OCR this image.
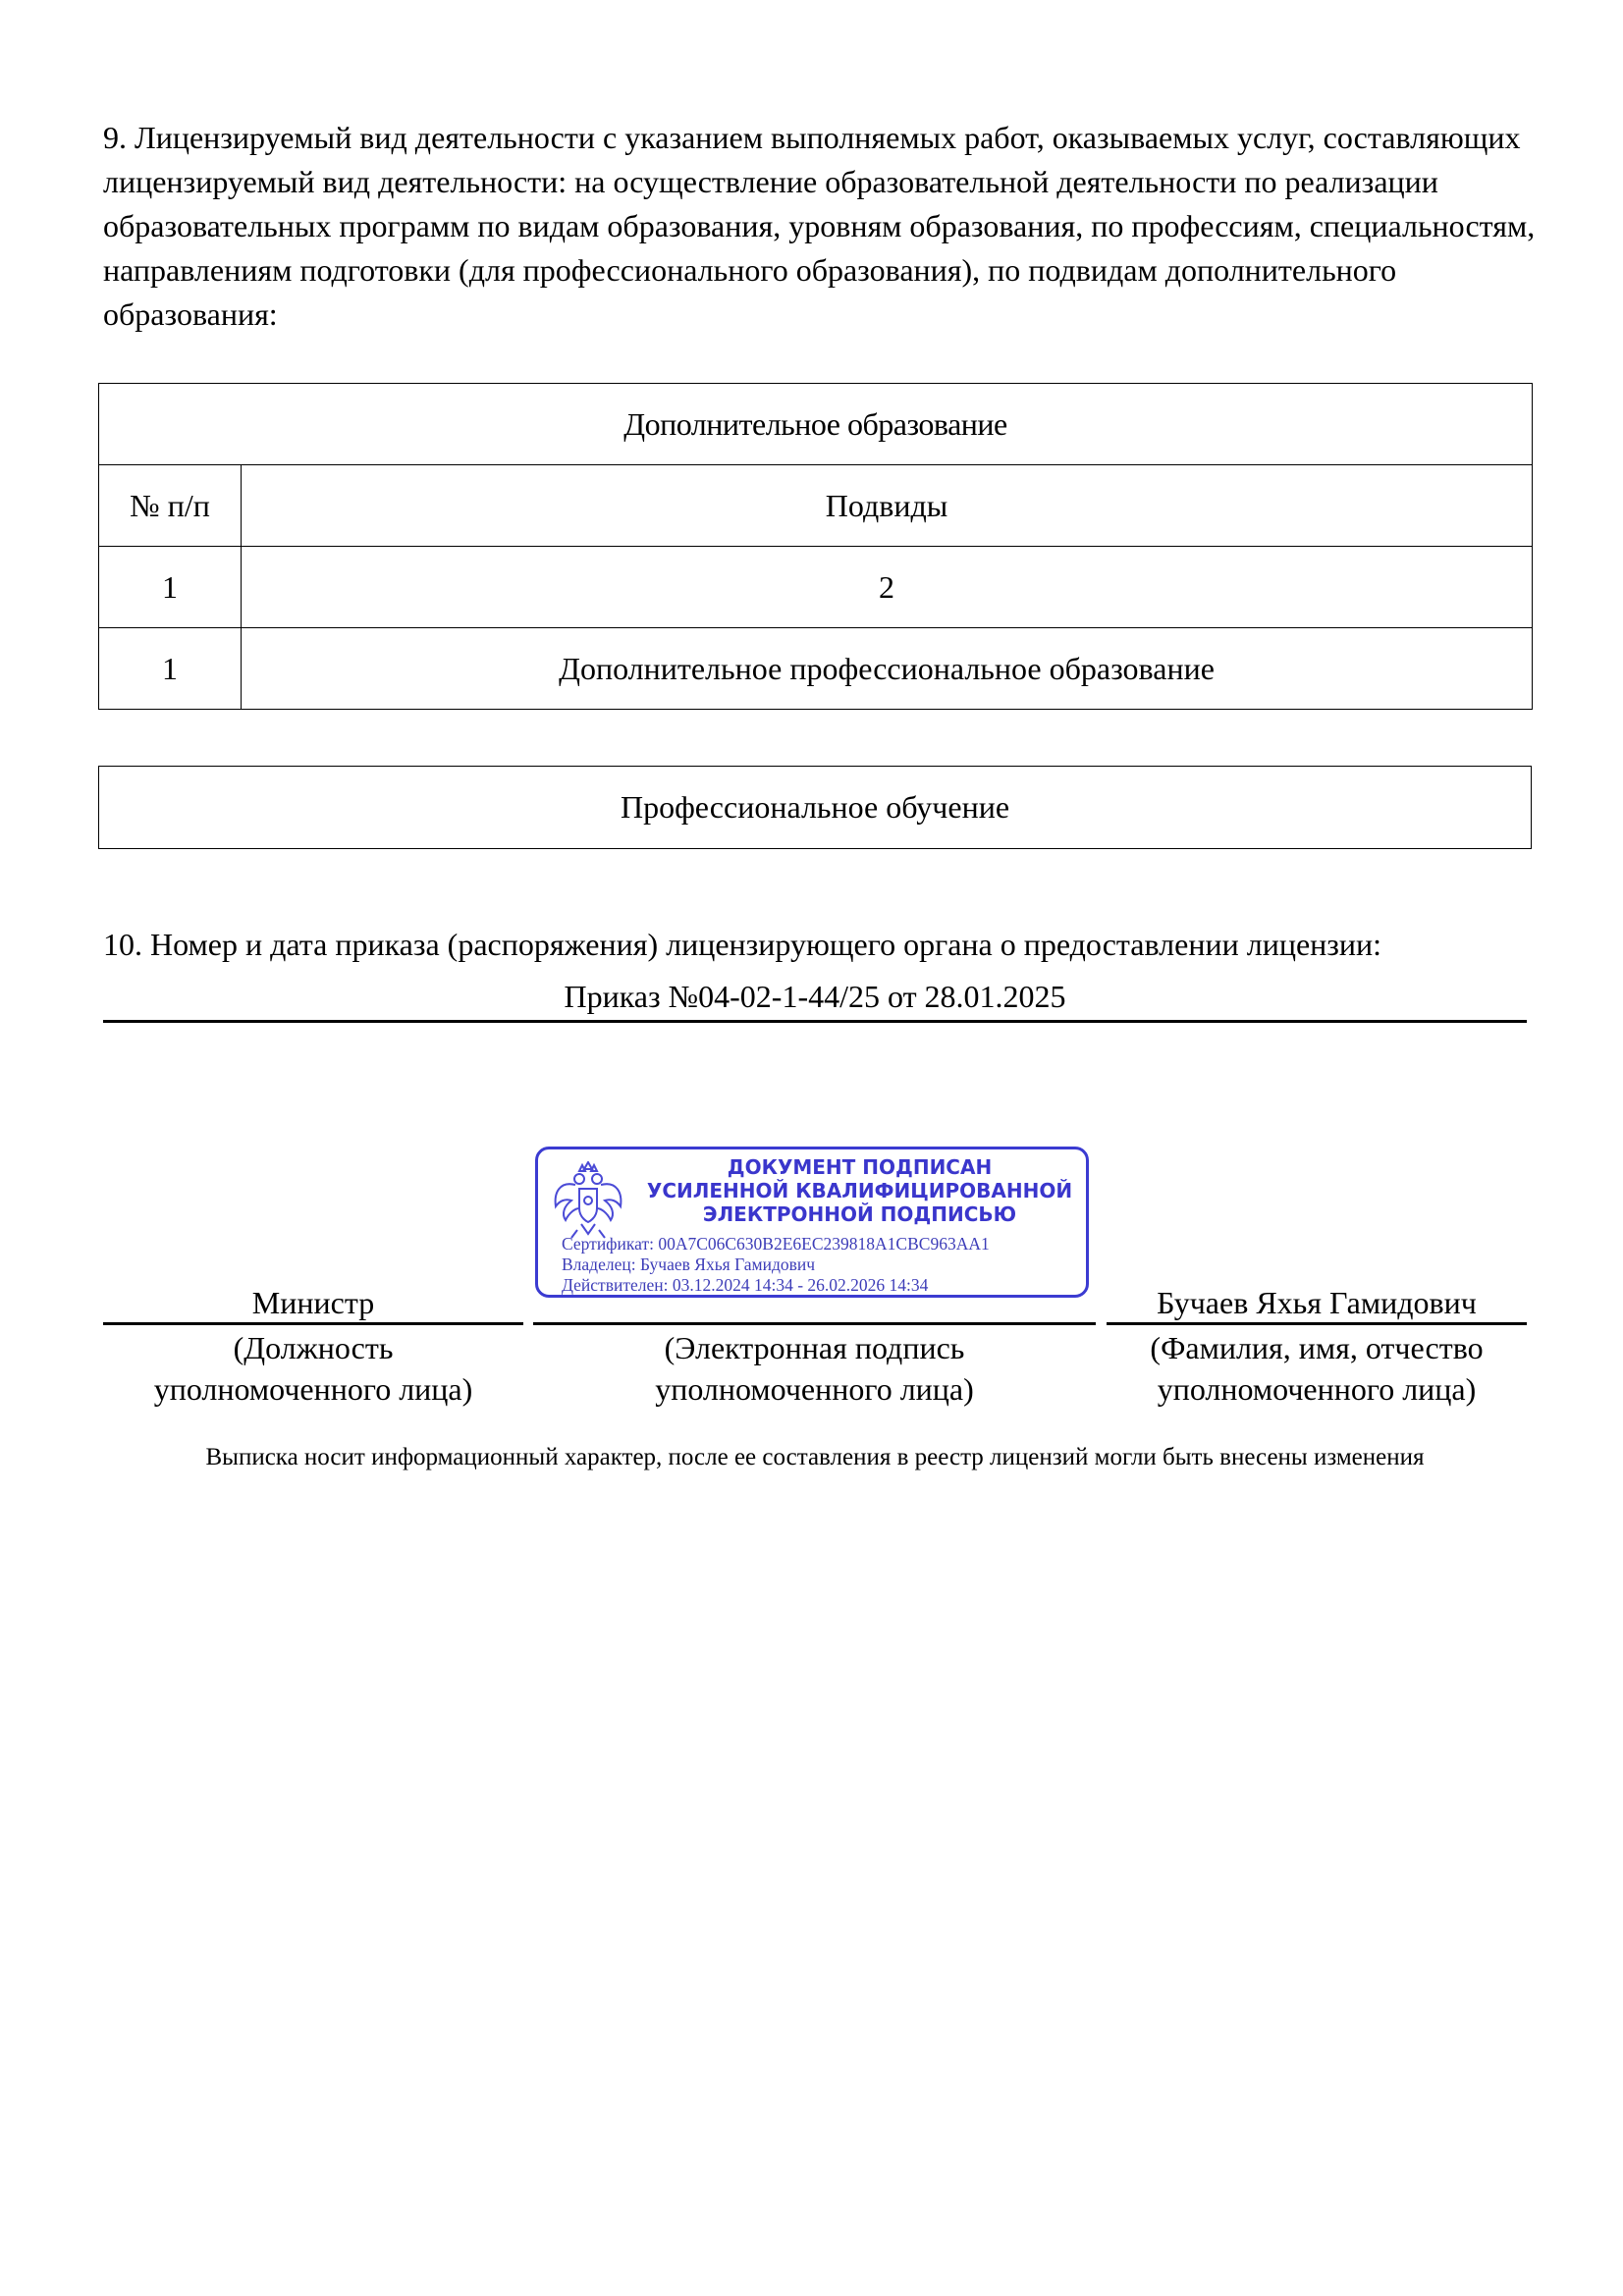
9. Лицензируемый вид деятельности с указанием выполняемых работ, оказываемых услуг, составляющих лицензируемый вид деятельности: на осуществление образовательной деятельности по реализации образовательных программ по видам образования, уровням образования, по профессиям, специальностям, направлениям подготовки (для профессионального образования), по подвидам дополнительного образования:

Дополнительное образование	
№ п/п	Подвиды
1	2
1	Дополнительное профессиональное образование
Профессиональное обучение

10. Номер и дата приказа (распоряжения) лицензирующего органа о предоставлении лицензии:

Приказ №04-02-1-44/25 от 28.01.2025
Министр
(Должность
уполномоченного лица)
(Электронная подпись
уполномоченного лица)
Бучаев Яхья Гамидович
(Фамилия, имя, отчество
уполномоченного лица)
ДОКУМЕНТ ПОДПИСАН
УСИЛЕННОЙ КВАЛИФИЦИРОВАННОЙ
ЭЛЕКТРОННОЙ ПОДПИСЬЮ
Сертификат: 00A7C06C630B2E6EC239818A1CBC963AA1
Владелец: Бучаев Яхья Гамидович
Действителен: 03.12.2024 14:34 - 26.02.2026 14:34
Выписка носит информационный характер, после ее составления в реестр лицензий могли быть внесены изменения
